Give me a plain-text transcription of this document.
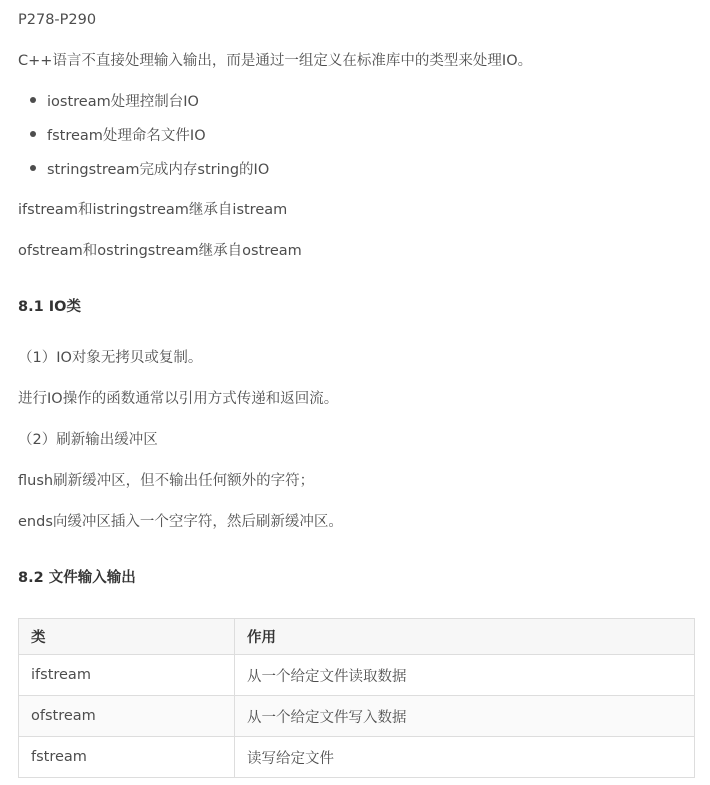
P278-P290
C++语言不直接处理输入输出，而是通过一组定义在标准库中的类型来处理IO。
iostream处理控制台IO
fstream处理命名文件IO
stringstream完成内存string的IO
ifstream和istringstream继承自istream
ofstream和ostringstream继承自ostream
8.1 IO类
（1）IO对象无拷贝或复制。
进行IO操作的函数通常以引用方式传递和返回流。
（2）刷新输出缓冲区
flush刷新缓冲区，但不输出任何额外的字符；
ends向缓冲区插入一个空字符，然后刷新缓冲区。
8.2 文件输入输出
类	作用
ifstream	从一个给定文件读取数据
ofstream	从一个给定文件写入数据
fstream	读写给定文件
